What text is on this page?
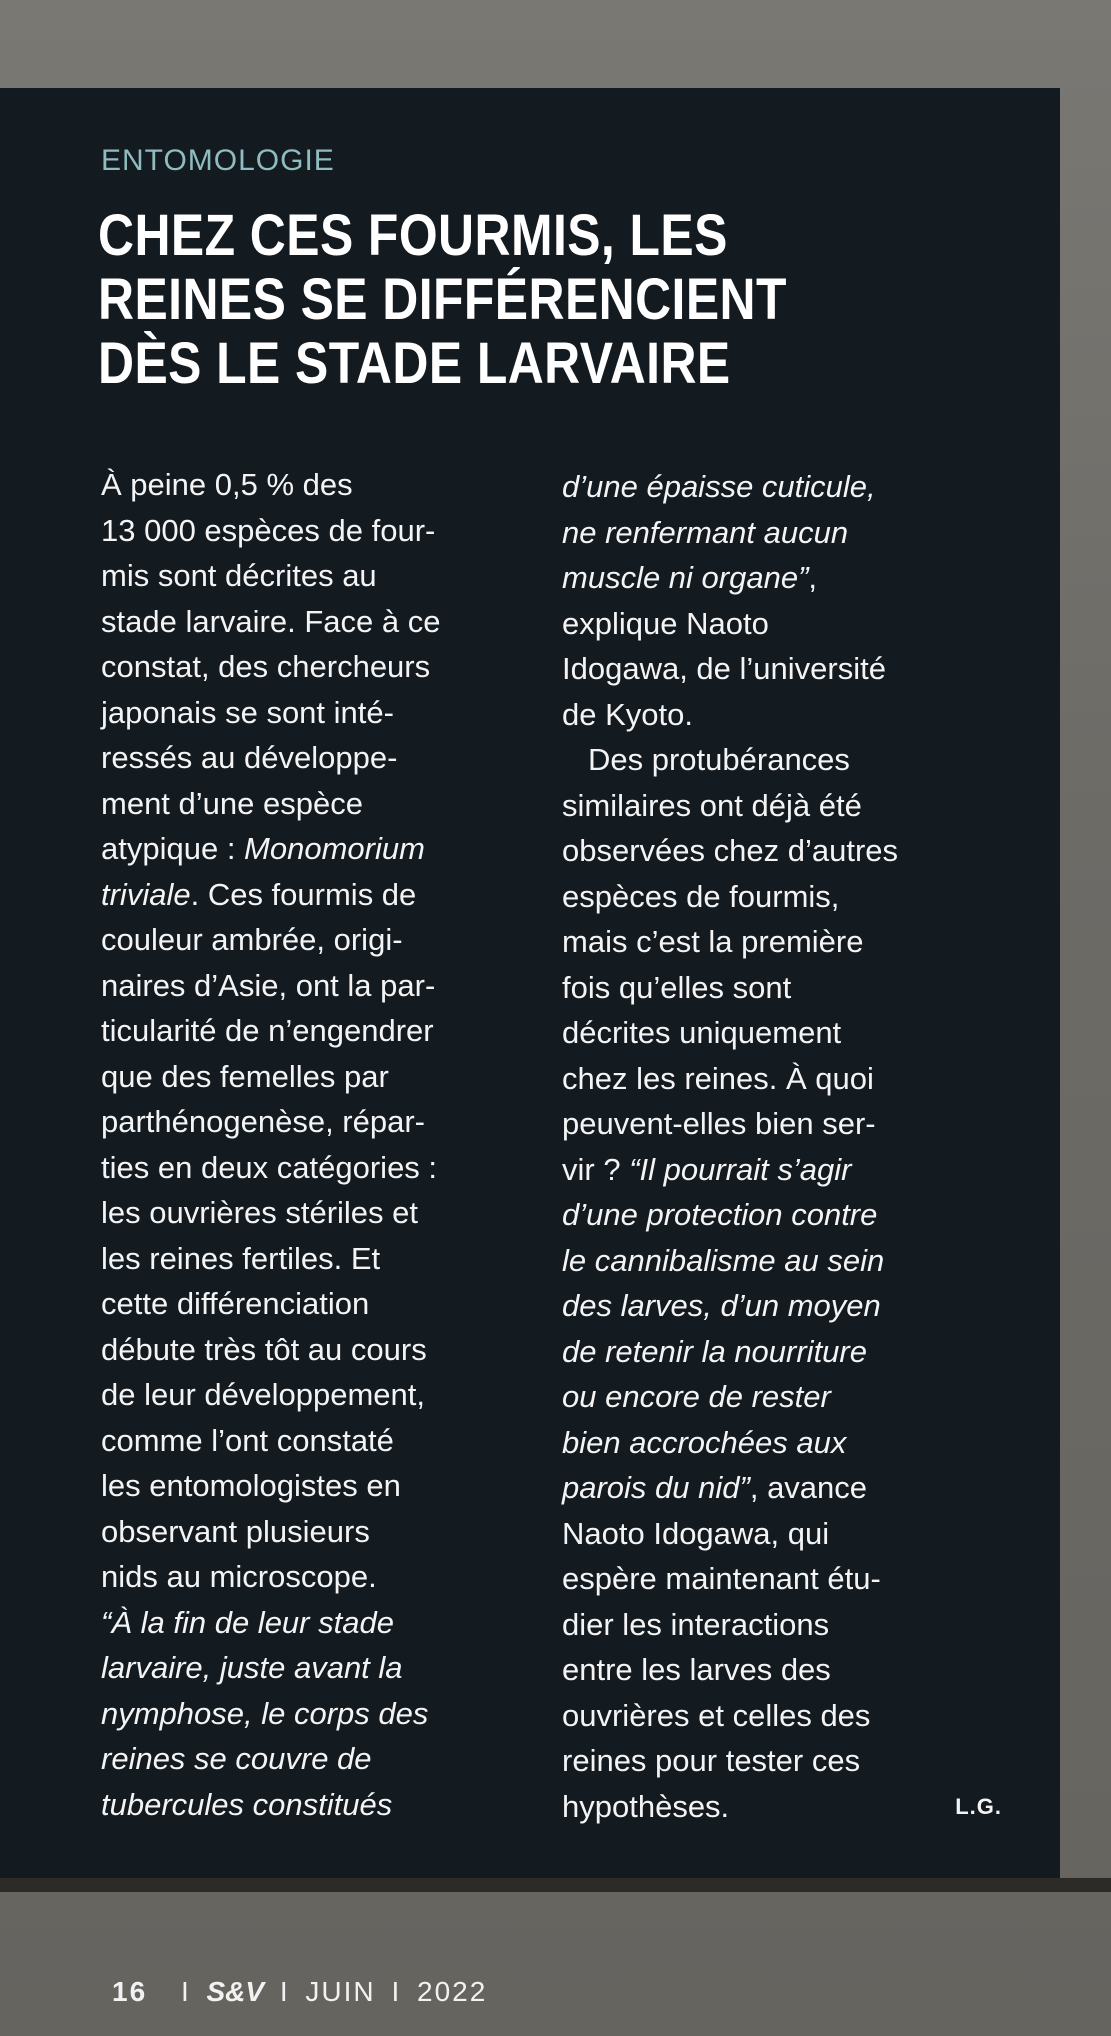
ENTOMOLOGIE

CHEZ CES FOURMIS, LES
REINES SE DIFFÉRENCIENT
DÈS LE STADE LARVAIRE
À peine 0,5 % des
13 000 espèces de four-
mis sont décrites au
stade larvaire. Face à ce
constat, des chercheurs
japonais se sont inté-
ressés au développe-
ment d’une espèce
atypique : Monomorium
triviale. Ces fourmis de
couleur ambrée, origi-
naires d’Asie, ont la par-
ticularité de n’engendrer
que des femelles par
parthénogenèse, répar-
ties en deux catégories :
les ouvrières stériles et
les reines fertiles. Et
cette différenciation
débute très tôt au cours
de leur développement,
comme l’ont constaté
les entomologistes en
observant plusieurs
nids au microscope.
“À la fin de leur stade
larvaire, juste avant la
nymphose, le corps des
reines se couvre de
tubercules constitués
d’une épaisse cuticule,
ne renfermant aucun
muscle ni organe”,
explique Naoto
Idogawa, de l’université
de Kyoto.
Des protubérances
similaires ont déjà été
observées chez d’autres
espèces de fourmis,
mais c’est la première
fois qu’elles sont
décrites uniquement
chez les reines. À quoi
peuvent-elles bien ser-
vir ? “Il pourrait s’agir
d’une protection contre
le cannibalisme au sein
des larves, d’un moyen
de retenir la nourriture
ou encore de rester
bien accrochées aux
parois du nid”, avance
Naoto Idogawa, qui
espère maintenant étu-
dier les interactions
entre les larves des
ouvrières et celles des
reines pour tester ces
hypothèses.	L.G.
16 I S&V I JUIN I 2022
